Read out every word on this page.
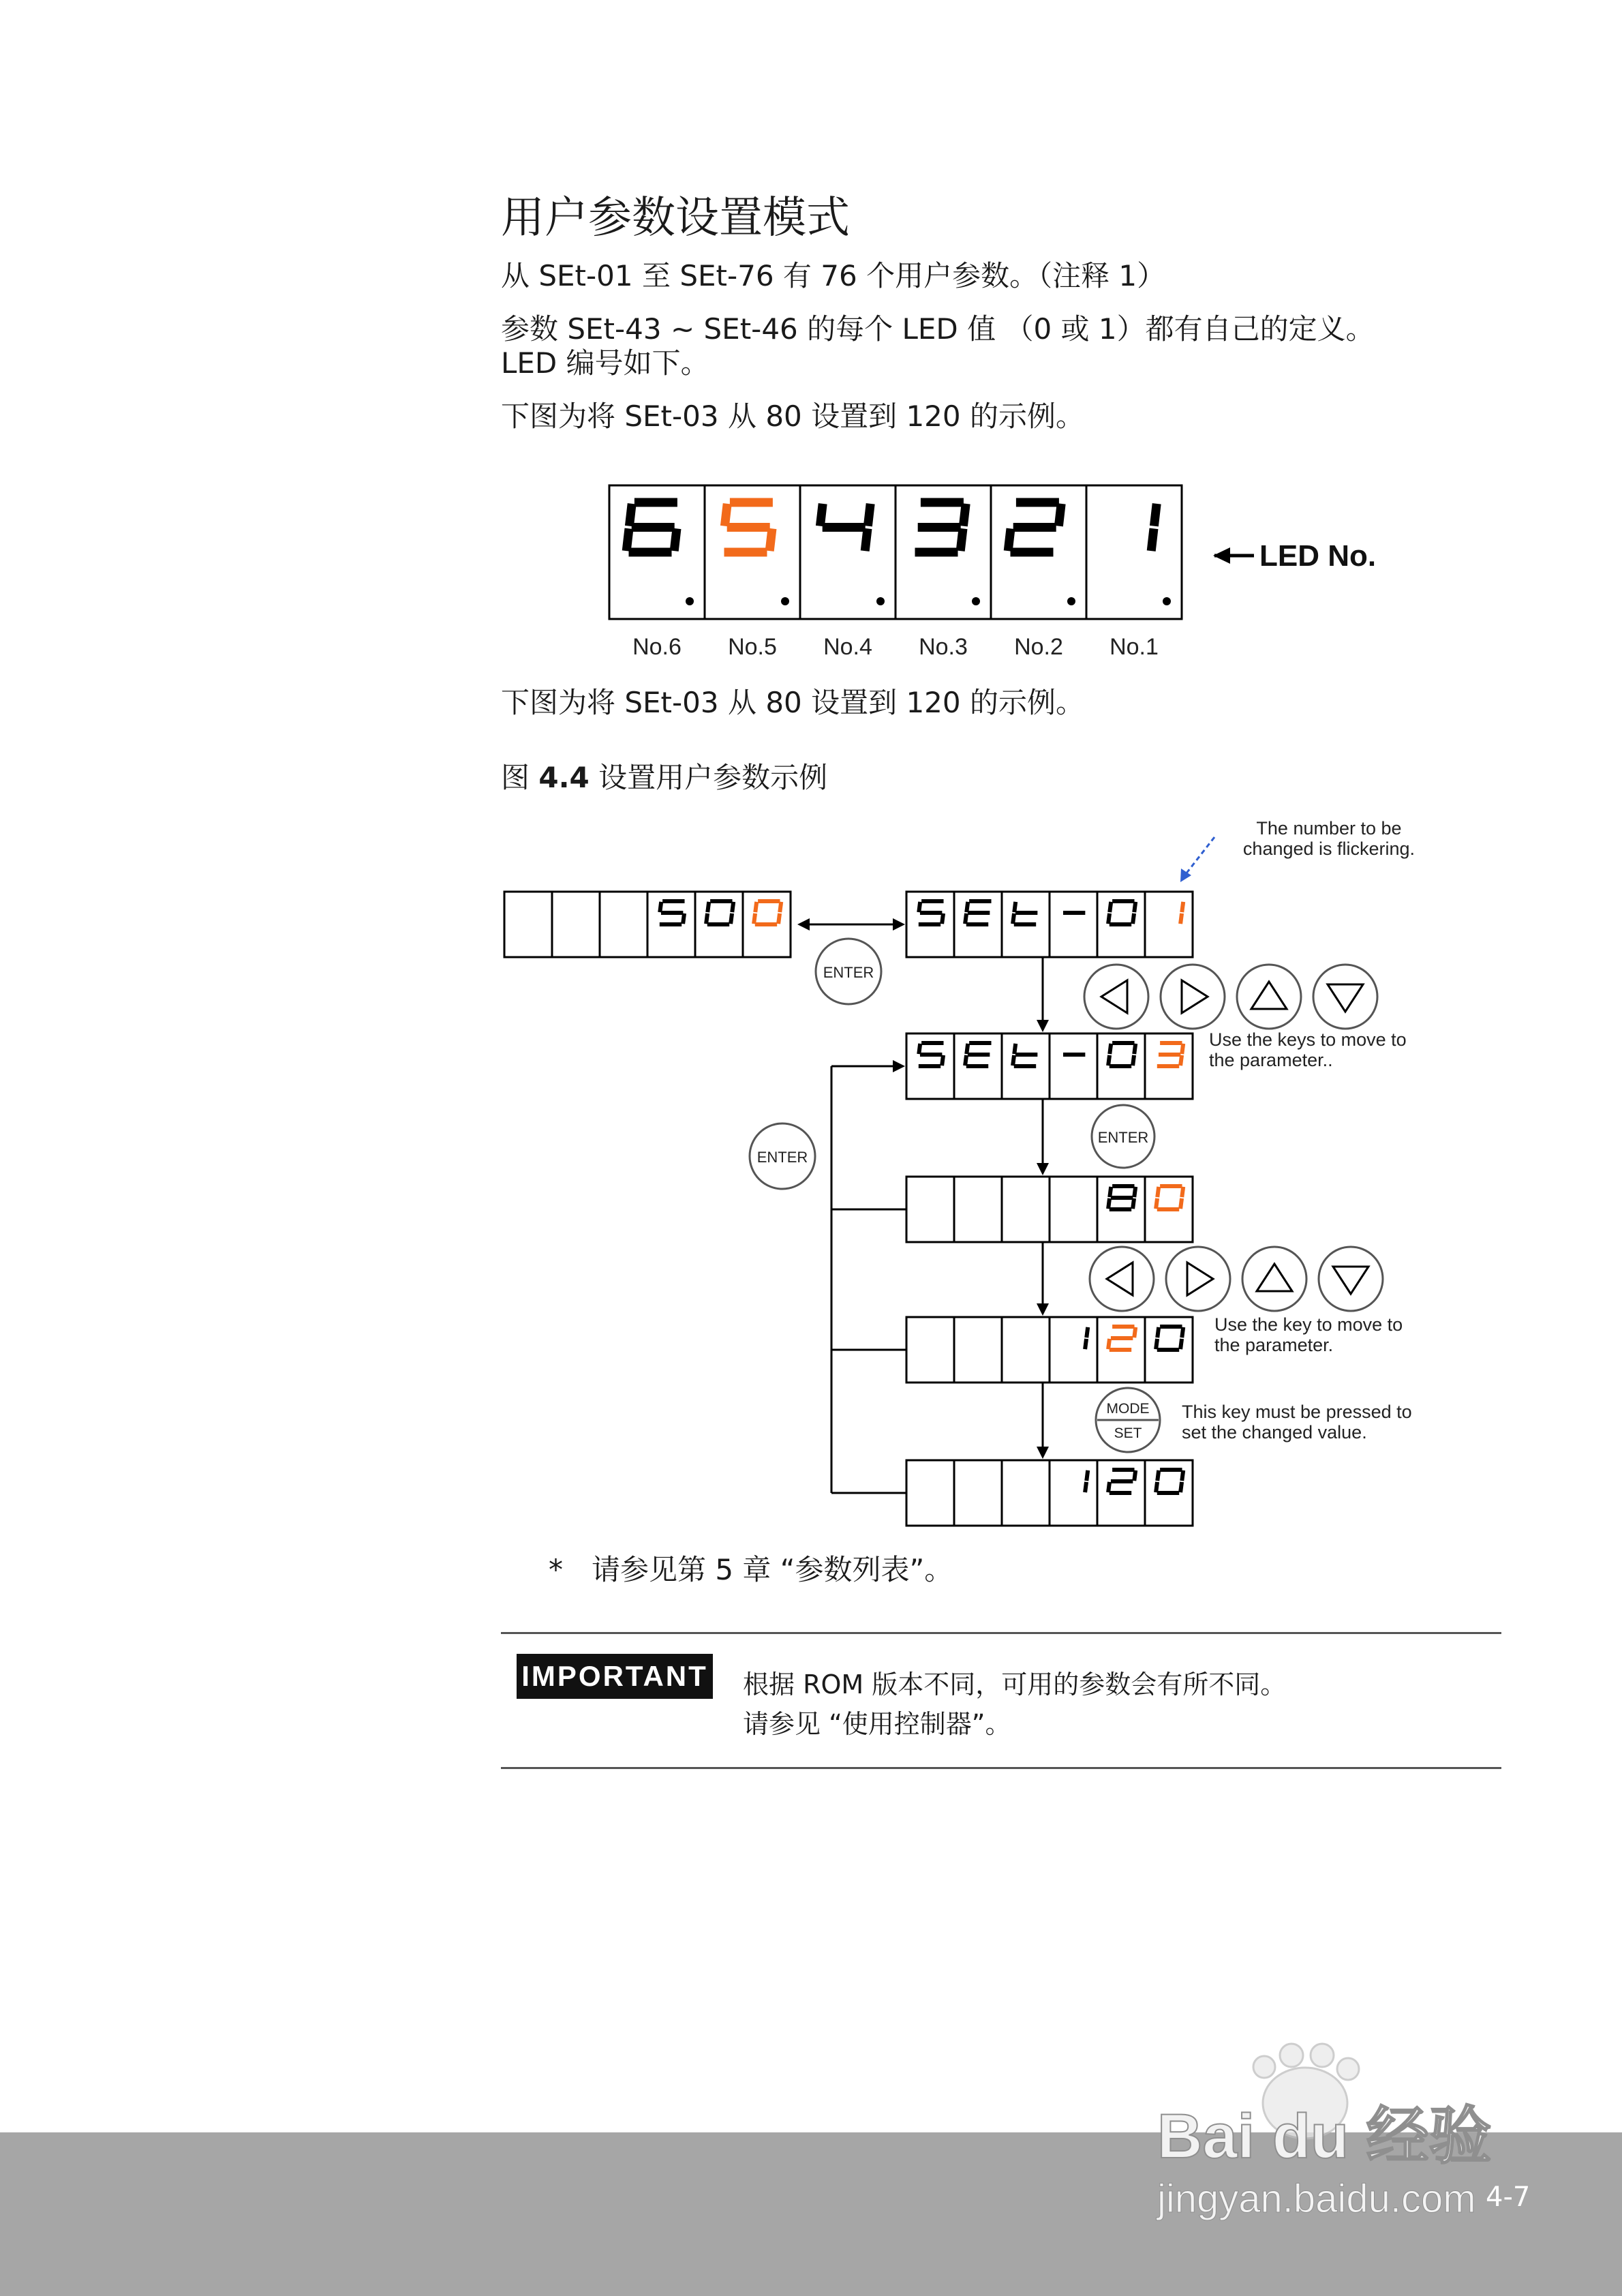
用户参数设置模式
从 SEt-01 至 SEt-76 有 76 个用户参数。（注释 1）
参数 SEt-43 ~ SEt-46 的每个 LED 值 （0 或 1）都有自己的定义。
LED 编号如下。
下图为将 SEt-03 从 80 设置到 120 的示例。
No.6 No.5 No.4 No.3 No.2 No.1
LED No.
下图为将 SEt-03 从 80 设置到 120 的示例。
图 4.4 设置用户参数示例
ENTER
ENTER
ENTER
MODE
SET
The number to be
changed is flickering.
Use the keys to move to
the parameter..
Use the key to move to
the parameter.
This key must be pressed to
set the changed value.
*　请参见第 5 章 “参数列表”。
IMPORTANT 根据 ROM 版本不同，可用的参数会有所不同。
请参见 “使用控制器”。
Bai du 经验
jingyan.baidu.com 4-7
